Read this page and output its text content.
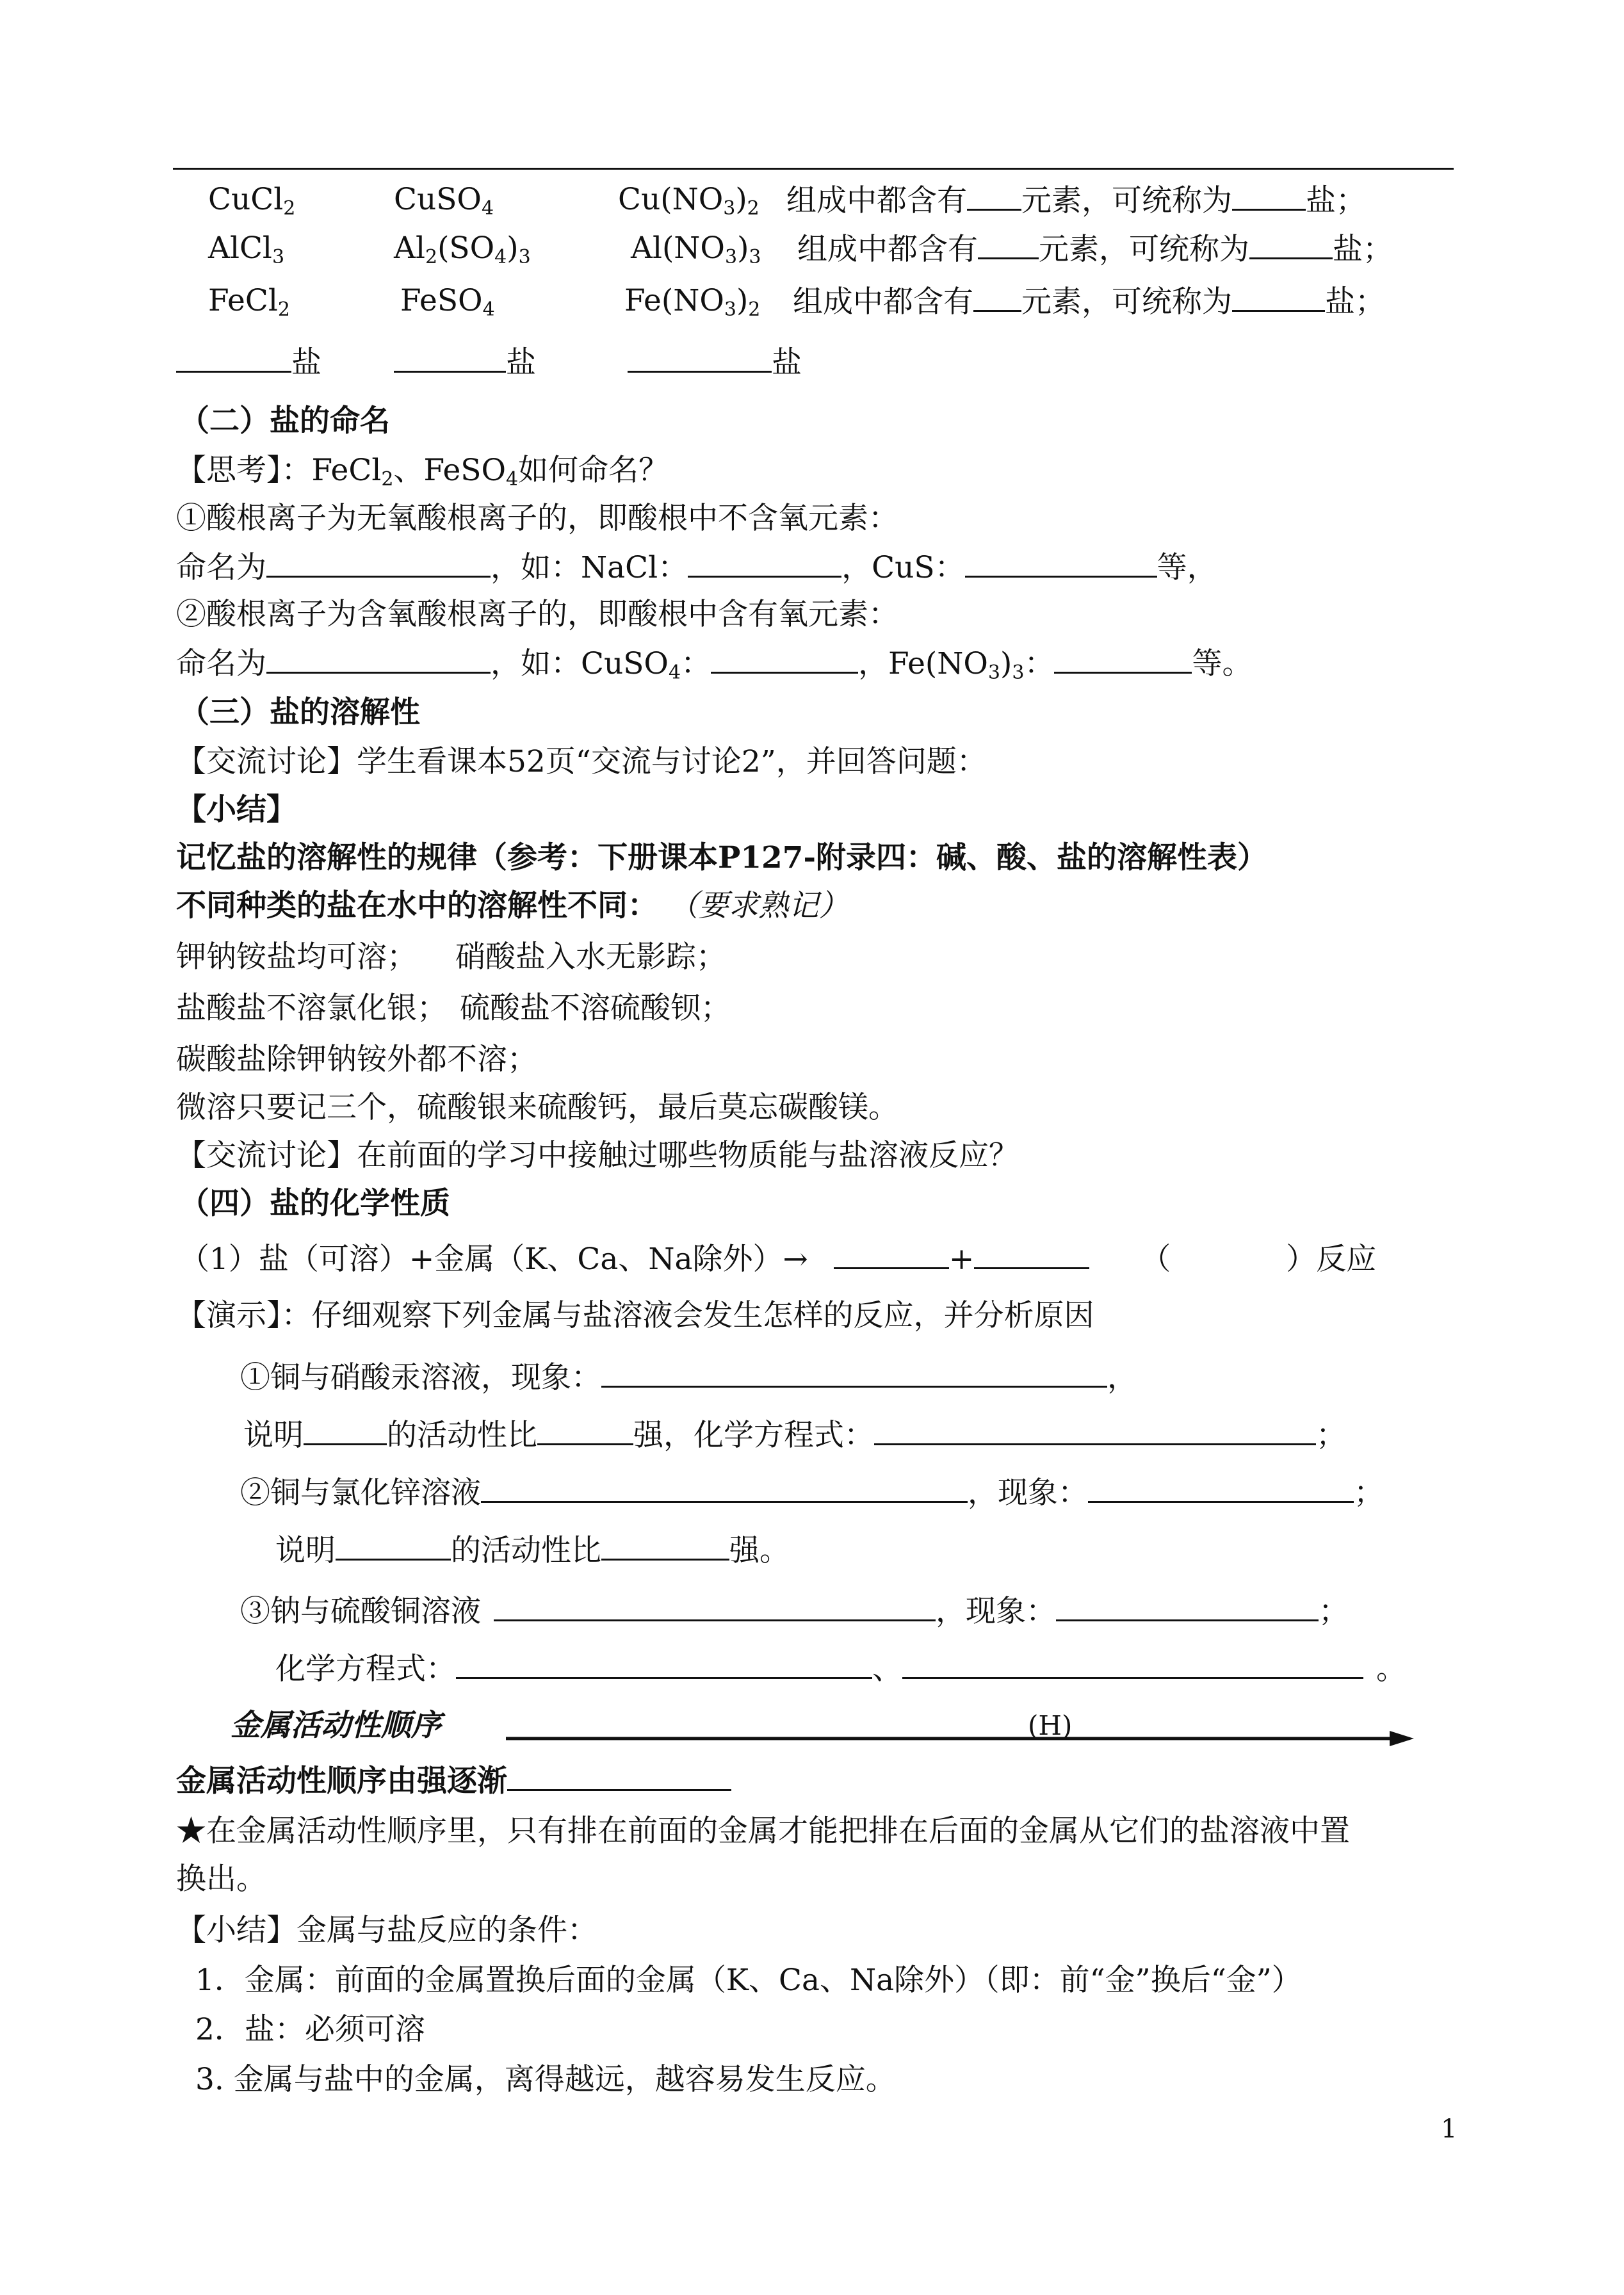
CuCl$_2$	CuSO$_4$	$Cu(NO_3)_2$ 组成中都含有 元素，可统称为 盐；
AlCl$_3$	$Al_2(SO_4)_3$	$Al(NO_3)_3$ 组成中都含有 元素，可统称为	盐；
FeCl$_2$	FeSO$_4$	$Fe(NO_3)_2$ 组成中都含有 元素，可统称为	盐；
盐	盐	盐
（二）盐的命名
【思考】：FeCl$_2$、FeSO$_4$如何命名？
①酸根离子为无氧酸根离子的，即酸根中不含氧元素：
命名为	，如：NaCl：	，CuS：	等，
②酸根离子为含氧酸根离子的，即酸根中含有氧元素：
命名为	，如：CuSO$_4$：	，$Fe(NO_3)_3$：	等。
（三）盐的溶解性
【交流讨论】学生看课本52页“交流与讨论2”，并回答问题：
【小结】
记忆盐的溶解性的规律（参考：下册课本P127-附录四：碱、酸、盐的溶解性表）
不同种类的盐在水中的溶解性不同： （要求熟记）
钾钠铵盐均可溶； 硝酸盐入水无影踪；
盐酸盐不溶氯化银； 硫酸盐不溶硫酸钡；
碳酸盐除钾钠铵外都不溶；
微溶只要记三个，硫酸银来硫酸钙，最后莫忘碳酸镁。
【交流讨论】在前面的学习中接触过哪些物质能与盐溶液反应？
（四）盐的化学性质
（1）盐（可溶）+金属（K、Ca、Na除外）→	+	（	）反应
【演示】：仔细观察下列金属与盐溶液会发生怎样的反应，并分析原因
①铜与硝酸汞溶液，现象：	，
说明	的活动性比	强，化学方程式：	；
②铜与氯化锌溶液	，现象：	；
说明	的活动性比	强。
③钠与硫酸铜溶液	，现象：	；
化学方程式：	、	。
金属活动性顺序	(H)
金属活动性顺序由强逐渐
★在金属活动性顺序里，只有排在前面的金属才能把排在后面的金属从它们的盐溶液中置
换出。
【小结】金属与盐反应的条件：
1．金属：前面的金属置换后面的金属（K、Ca、Na除外）（即：前“金”换后“金”）
2．盐：必须可溶
3. 金属与盐中的金属，离得越远，越容易发生反应。
1
